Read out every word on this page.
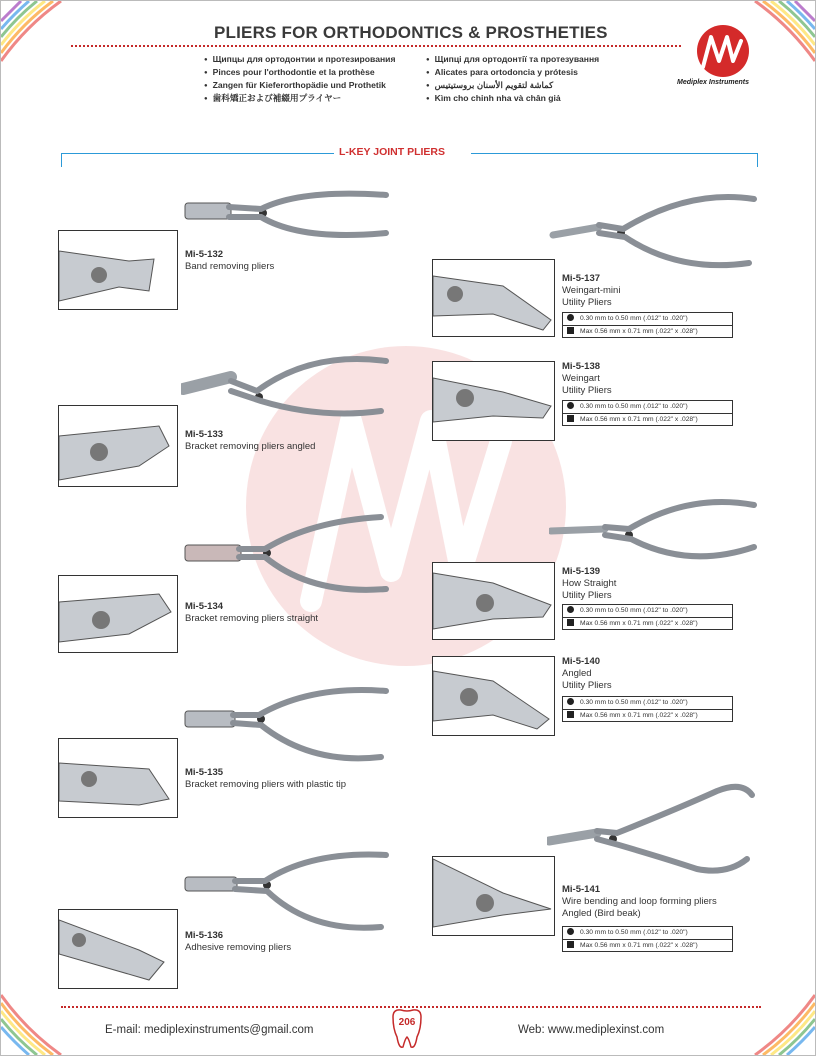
PLIERS FOR ORTHODONTICS & PROSTHETIES
● Щипцы для ортодонтии и протезирования
● Pinces pour l'orthodontie et la prothèse
● Zangen für Kieferorthopädie und Prothetik
● 歯科矯正および補綴用プライヤー
● Щипці для ортодонтії та протезування
● Alicates para ortodoncia y prótesis
● كماشة لتقويم الأسنان بروستيتيس
● Kìm cho chỉnh nha và chân giả
Mediplex Instruments
L-KEY JOINT PLIERS
Mi-5-132
Band removing pliers
Mi-5-133
Bracket removing pliers angled
Mi-5-134
Bracket removing pliers straight
Mi-5-135
Bracket removing pliers with plastic tip
Mi-5-136
Adhesive removing pliers
Mi-5-137
Weingart-mini
Utility Pliers
0.30 mm to 0.50 mm (.012" to .020")
Max 0.56 mm x 0.71 mm (.022" x .028")
Mi-5-138
Weingart
Utility Pliers
0.30 mm to 0.50 mm (.012" to .020")
Max 0.56 mm x 0.71 mm (.022" x .028")
Mi-5-139
How Straight
Utility Pliers
0.30 mm to 0.50 mm (.012" to .020")
Max 0.56 mm x 0.71 mm (.022" x .028")
Mi-5-140
Angled
Utility Pliers
0.30 mm to 0.50 mm (.012" to .020")
Max 0.56 mm x 0.71 mm (.022" x .028")
Mi-5-141
Wire bending and loop forming pliers
Angled (Bird beak)
0.30 mm to 0.50 mm (.012" to .020")
Max 0.56 mm x 0.71 mm (.022" x .028")
206
E-mail: mediplexinstruments@gmail.com	Web: www.mediplexinst.com
